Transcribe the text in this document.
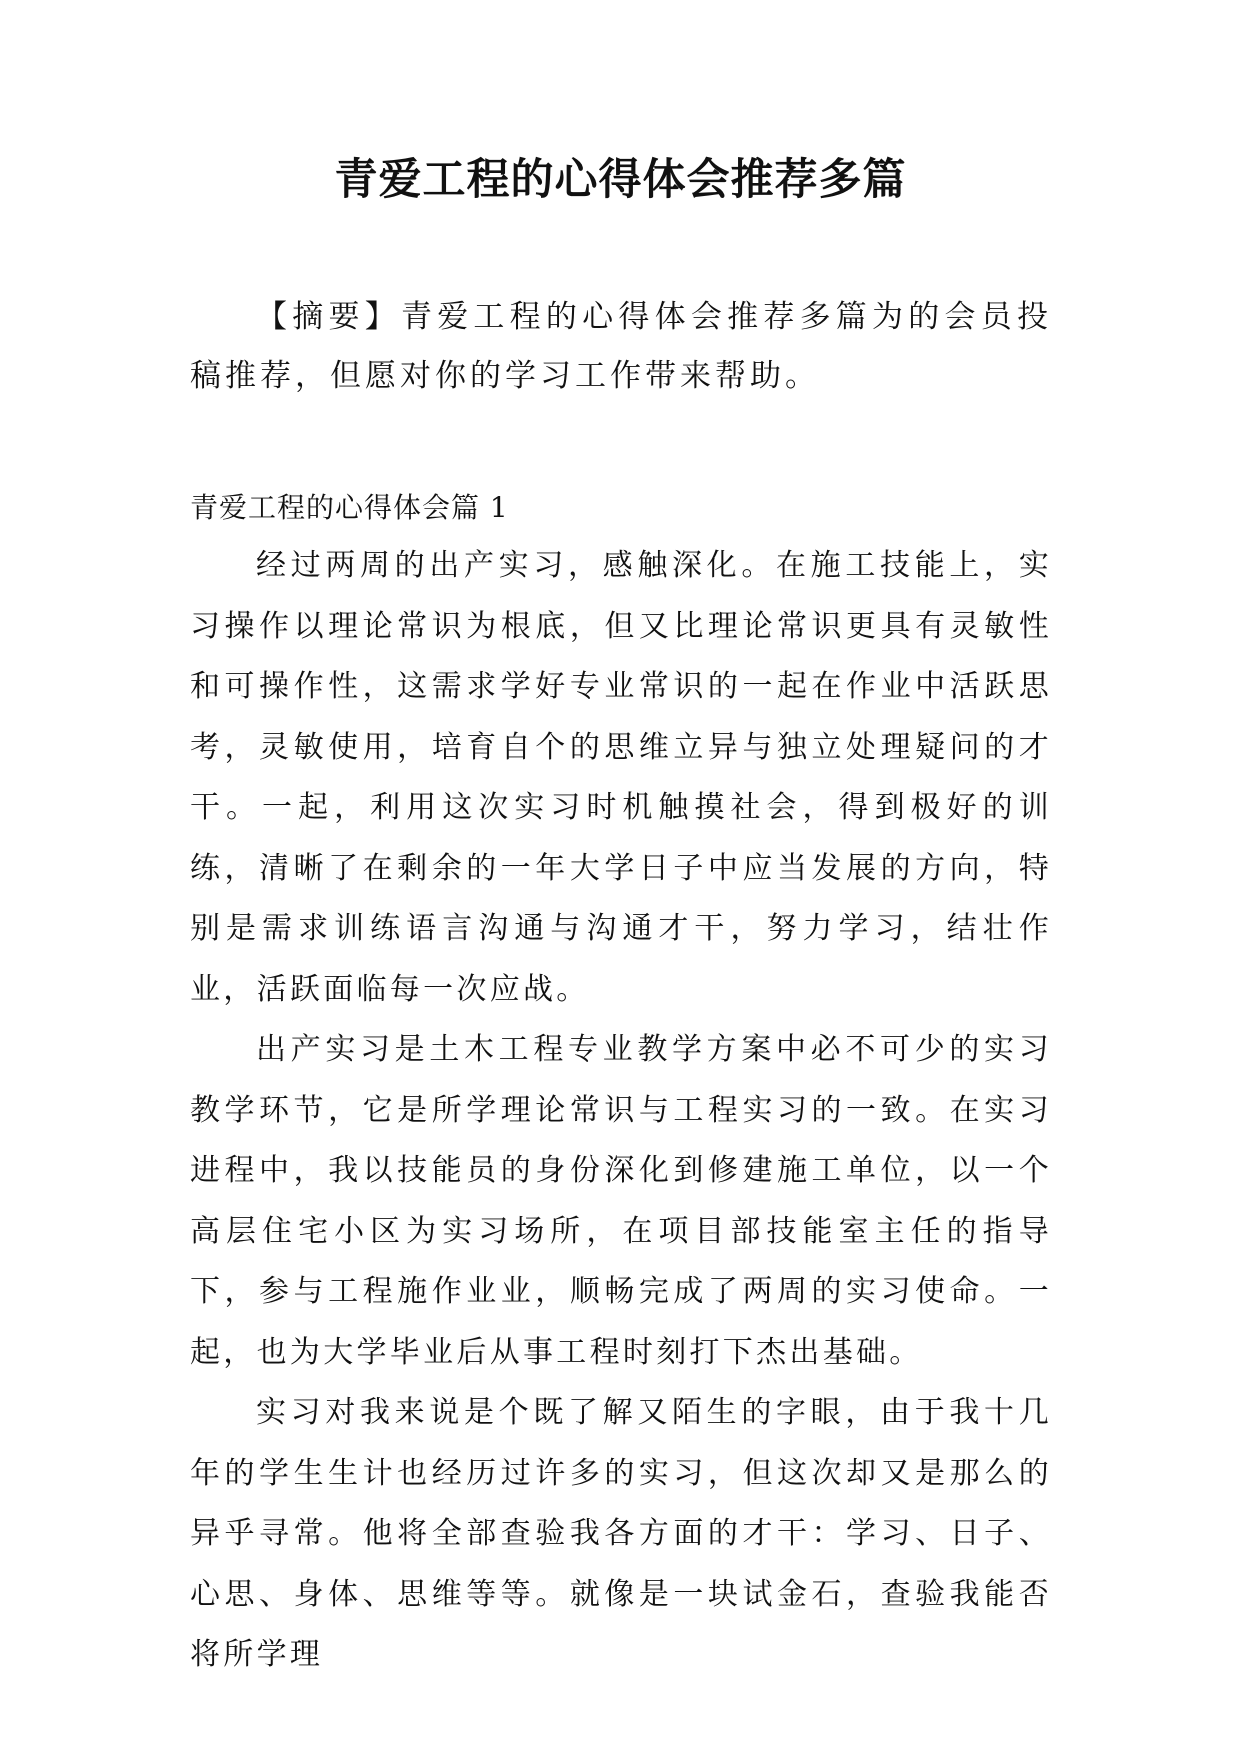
青爱工程的心得体会推荐多篇

【摘要】青爱工程的心得体会推荐多篇为的会员投稿推荐，但愿对你的学习工作带来帮助。

青爱工程的心得体会篇 1

经过两周的出产实习，感触深化。在施工技能上，实习操作以理论常识为根底，但又比理论常识更具有灵敏性和可操作性，这需求学好专业常识的一起在作业中活跃思考，灵敏使用，培育自个的思维立异与独立处理疑问的才干。一起，利用这次实习时机触摸社会，得到极好的训练，清晰了在剩余的一年大学日子中应当发展的方向，特别是需求训练语言沟通与沟通才干，努力学习，结壮作业，活跃面临每一次应战。

出产实习是土木工程专业教学方案中必不可少的实习教学环节，它是所学理论常识与工程实习的一致。在实习进程中，我以技能员的身份深化到修建施工单位，以一个高层住宅小区为实习场所，在项目部技能室主任的指导下，参与工程施作业业，顺畅完成了两周的实习使命。一起，也为大学毕业后从事工程时刻打下杰出基础。

实习对我来说是个既了解又陌生的字眼，由于我十几年的学生生计也经历过许多的实习，但这次却又是那么的异乎寻常。他将全部查验我各方面的才干：学习、日子、心思、身体、思维等等。就像是一块试金石，查验我能否将所学理
